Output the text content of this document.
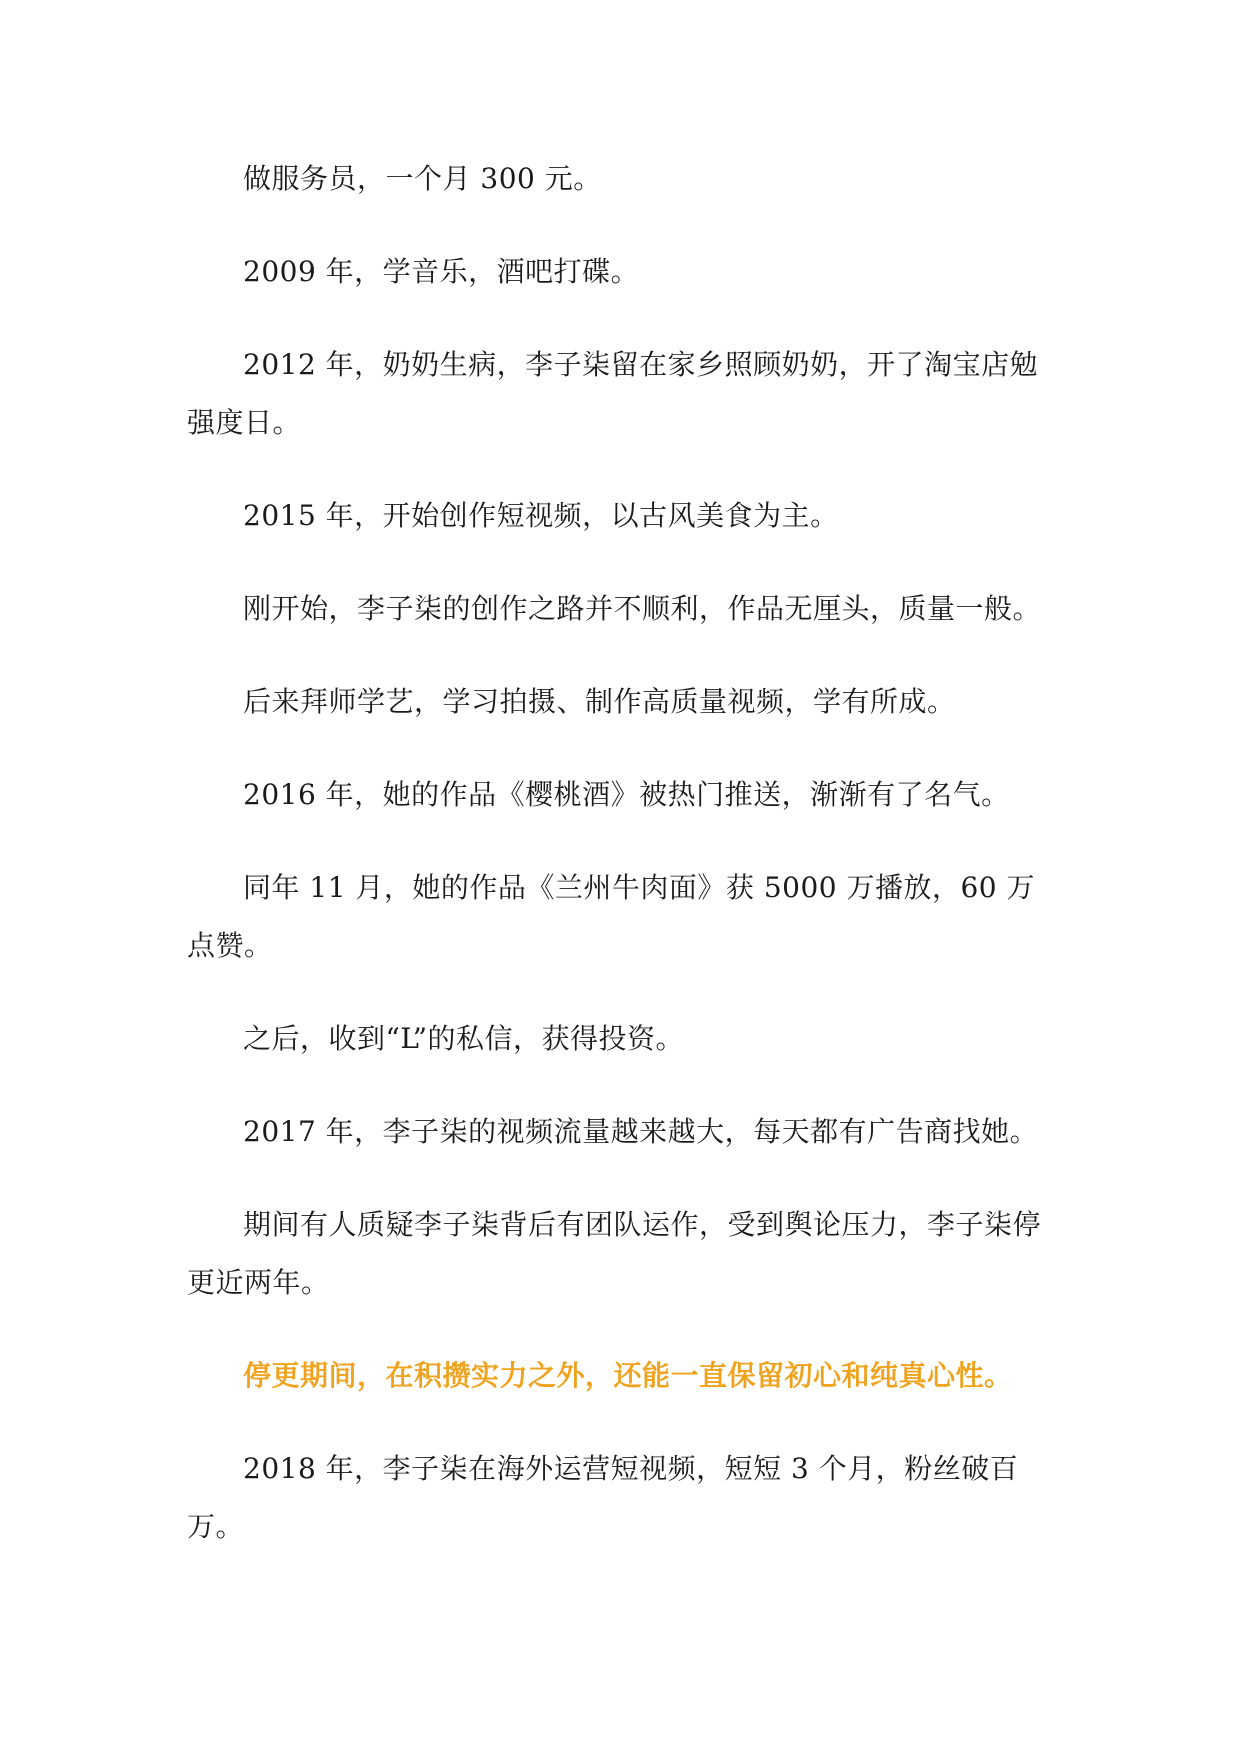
做服务员，一个月 300 元。

2009 年，学音乐，酒吧打碟。

2012 年，奶奶生病，李子柒留在家乡照顾奶奶，开了淘宝店勉强度日。

2015 年，开始创作短视频，以古风美食为主。

刚开始，李子柒的创作之路并不顺利，作品无厘头，质量一般。

后来拜师学艺，学习拍摄、制作高质量视频，学有所成。

2016 年，她的作品《樱桃酒》被热门推送，渐渐有了名气。

同年 11 月，她的作品《兰州牛肉面》获 5000 万播放，60 万点赞。

之后，收到“L”的私信，获得投资。

2017 年，李子柒的视频流量越来越大，每天都有广告商找她。

期间有人质疑李子柒背后有团队运作，受到舆论压力，李子柒停更近两年。

停更期间，在积攒实力之外，还能一直保留初心和纯真心性。

2018 年，李子柒在海外运营短视频，短短 3 个月，粉丝破百万。
